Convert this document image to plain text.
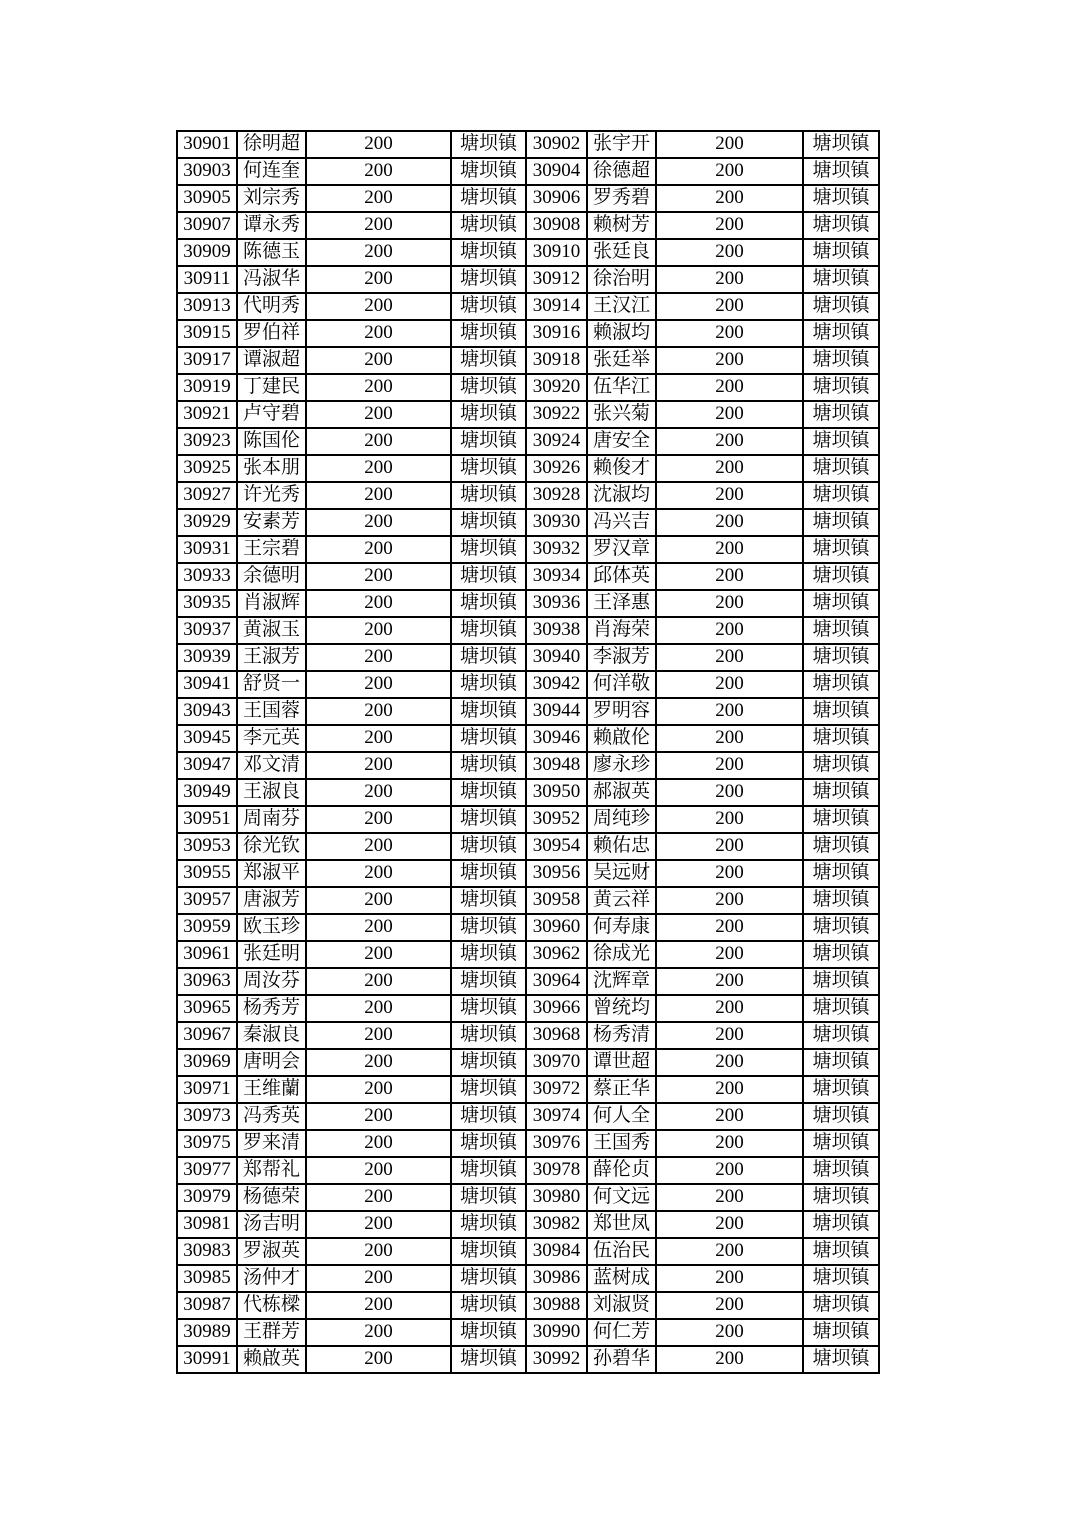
30901	徐明超	200	塘坝镇	30902	张宇开	200	塘坝镇
30903	何连奎	200	塘坝镇	30904	徐德超	200	塘坝镇
30905	刘宗秀	200	塘坝镇	30906	罗秀碧	200	塘坝镇
30907	谭永秀	200	塘坝镇	30908	赖树芳	200	塘坝镇
30909	陈德玉	200	塘坝镇	30910	张廷良	200	塘坝镇
30911	冯淑华	200	塘坝镇	30912	徐治明	200	塘坝镇
30913	代明秀	200	塘坝镇	30914	王汉江	200	塘坝镇
30915	罗伯祥	200	塘坝镇	30916	赖淑均	200	塘坝镇
30917	谭淑超	200	塘坝镇	30918	张廷举	200	塘坝镇
30919	丁建民	200	塘坝镇	30920	伍华江	200	塘坝镇
30921	卢守碧	200	塘坝镇	30922	张兴菊	200	塘坝镇
30923	陈国伦	200	塘坝镇	30924	唐安全	200	塘坝镇
30925	张本朋	200	塘坝镇	30926	赖俊才	200	塘坝镇
30927	许光秀	200	塘坝镇	30928	沈淑均	200	塘坝镇
30929	安素芳	200	塘坝镇	30930	冯兴吉	200	塘坝镇
30931	王宗碧	200	塘坝镇	30932	罗汉章	200	塘坝镇
30933	余德明	200	塘坝镇	30934	邱体英	200	塘坝镇
30935	肖淑辉	200	塘坝镇	30936	王泽惠	200	塘坝镇
30937	黄淑玉	200	塘坝镇	30938	肖海荣	200	塘坝镇
30939	王淑芳	200	塘坝镇	30940	李淑芳	200	塘坝镇
30941	舒贤一	200	塘坝镇	30942	何洋敬	200	塘坝镇
30943	王国蓉	200	塘坝镇	30944	罗明容	200	塘坝镇
30945	李元英	200	塘坝镇	30946	赖啟伦	200	塘坝镇
30947	邓文清	200	塘坝镇	30948	廖永珍	200	塘坝镇
30949	王淑良	200	塘坝镇	30950	郝淑英	200	塘坝镇
30951	周南芬	200	塘坝镇	30952	周纯珍	200	塘坝镇
30953	徐光钦	200	塘坝镇	30954	赖佑忠	200	塘坝镇
30955	郑淑平	200	塘坝镇	30956	吴远财	200	塘坝镇
30957	唐淑芳	200	塘坝镇	30958	黄云祥	200	塘坝镇
30959	欧玉珍	200	塘坝镇	30960	何寿康	200	塘坝镇
30961	张廷明	200	塘坝镇	30962	徐成光	200	塘坝镇
30963	周汝芬	200	塘坝镇	30964	沈辉章	200	塘坝镇
30965	杨秀芳	200	塘坝镇	30966	曾统均	200	塘坝镇
30967	秦淑良	200	塘坝镇	30968	杨秀清	200	塘坝镇
30969	唐明会	200	塘坝镇	30970	谭世超	200	塘坝镇
30971	王维蘭	200	塘坝镇	30972	蔡正华	200	塘坝镇
30973	冯秀英	200	塘坝镇	30974	何人全	200	塘坝镇
30975	罗来清	200	塘坝镇	30976	王国秀	200	塘坝镇
30977	郑帮礼	200	塘坝镇	30978	薛伦贞	200	塘坝镇
30979	杨德荣	200	塘坝镇	30980	何文远	200	塘坝镇
30981	汤吉明	200	塘坝镇	30982	郑世凤	200	塘坝镇
30983	罗淑英	200	塘坝镇	30984	伍治民	200	塘坝镇
30985	汤仲才	200	塘坝镇	30986	蓝树成	200	塘坝镇
30987	代栋樑	200	塘坝镇	30988	刘淑贤	200	塘坝镇
30989	王群芳	200	塘坝镇	30990	何仁芳	200	塘坝镇
30991	赖啟英	200	塘坝镇	30992	孙碧华	200	塘坝镇
